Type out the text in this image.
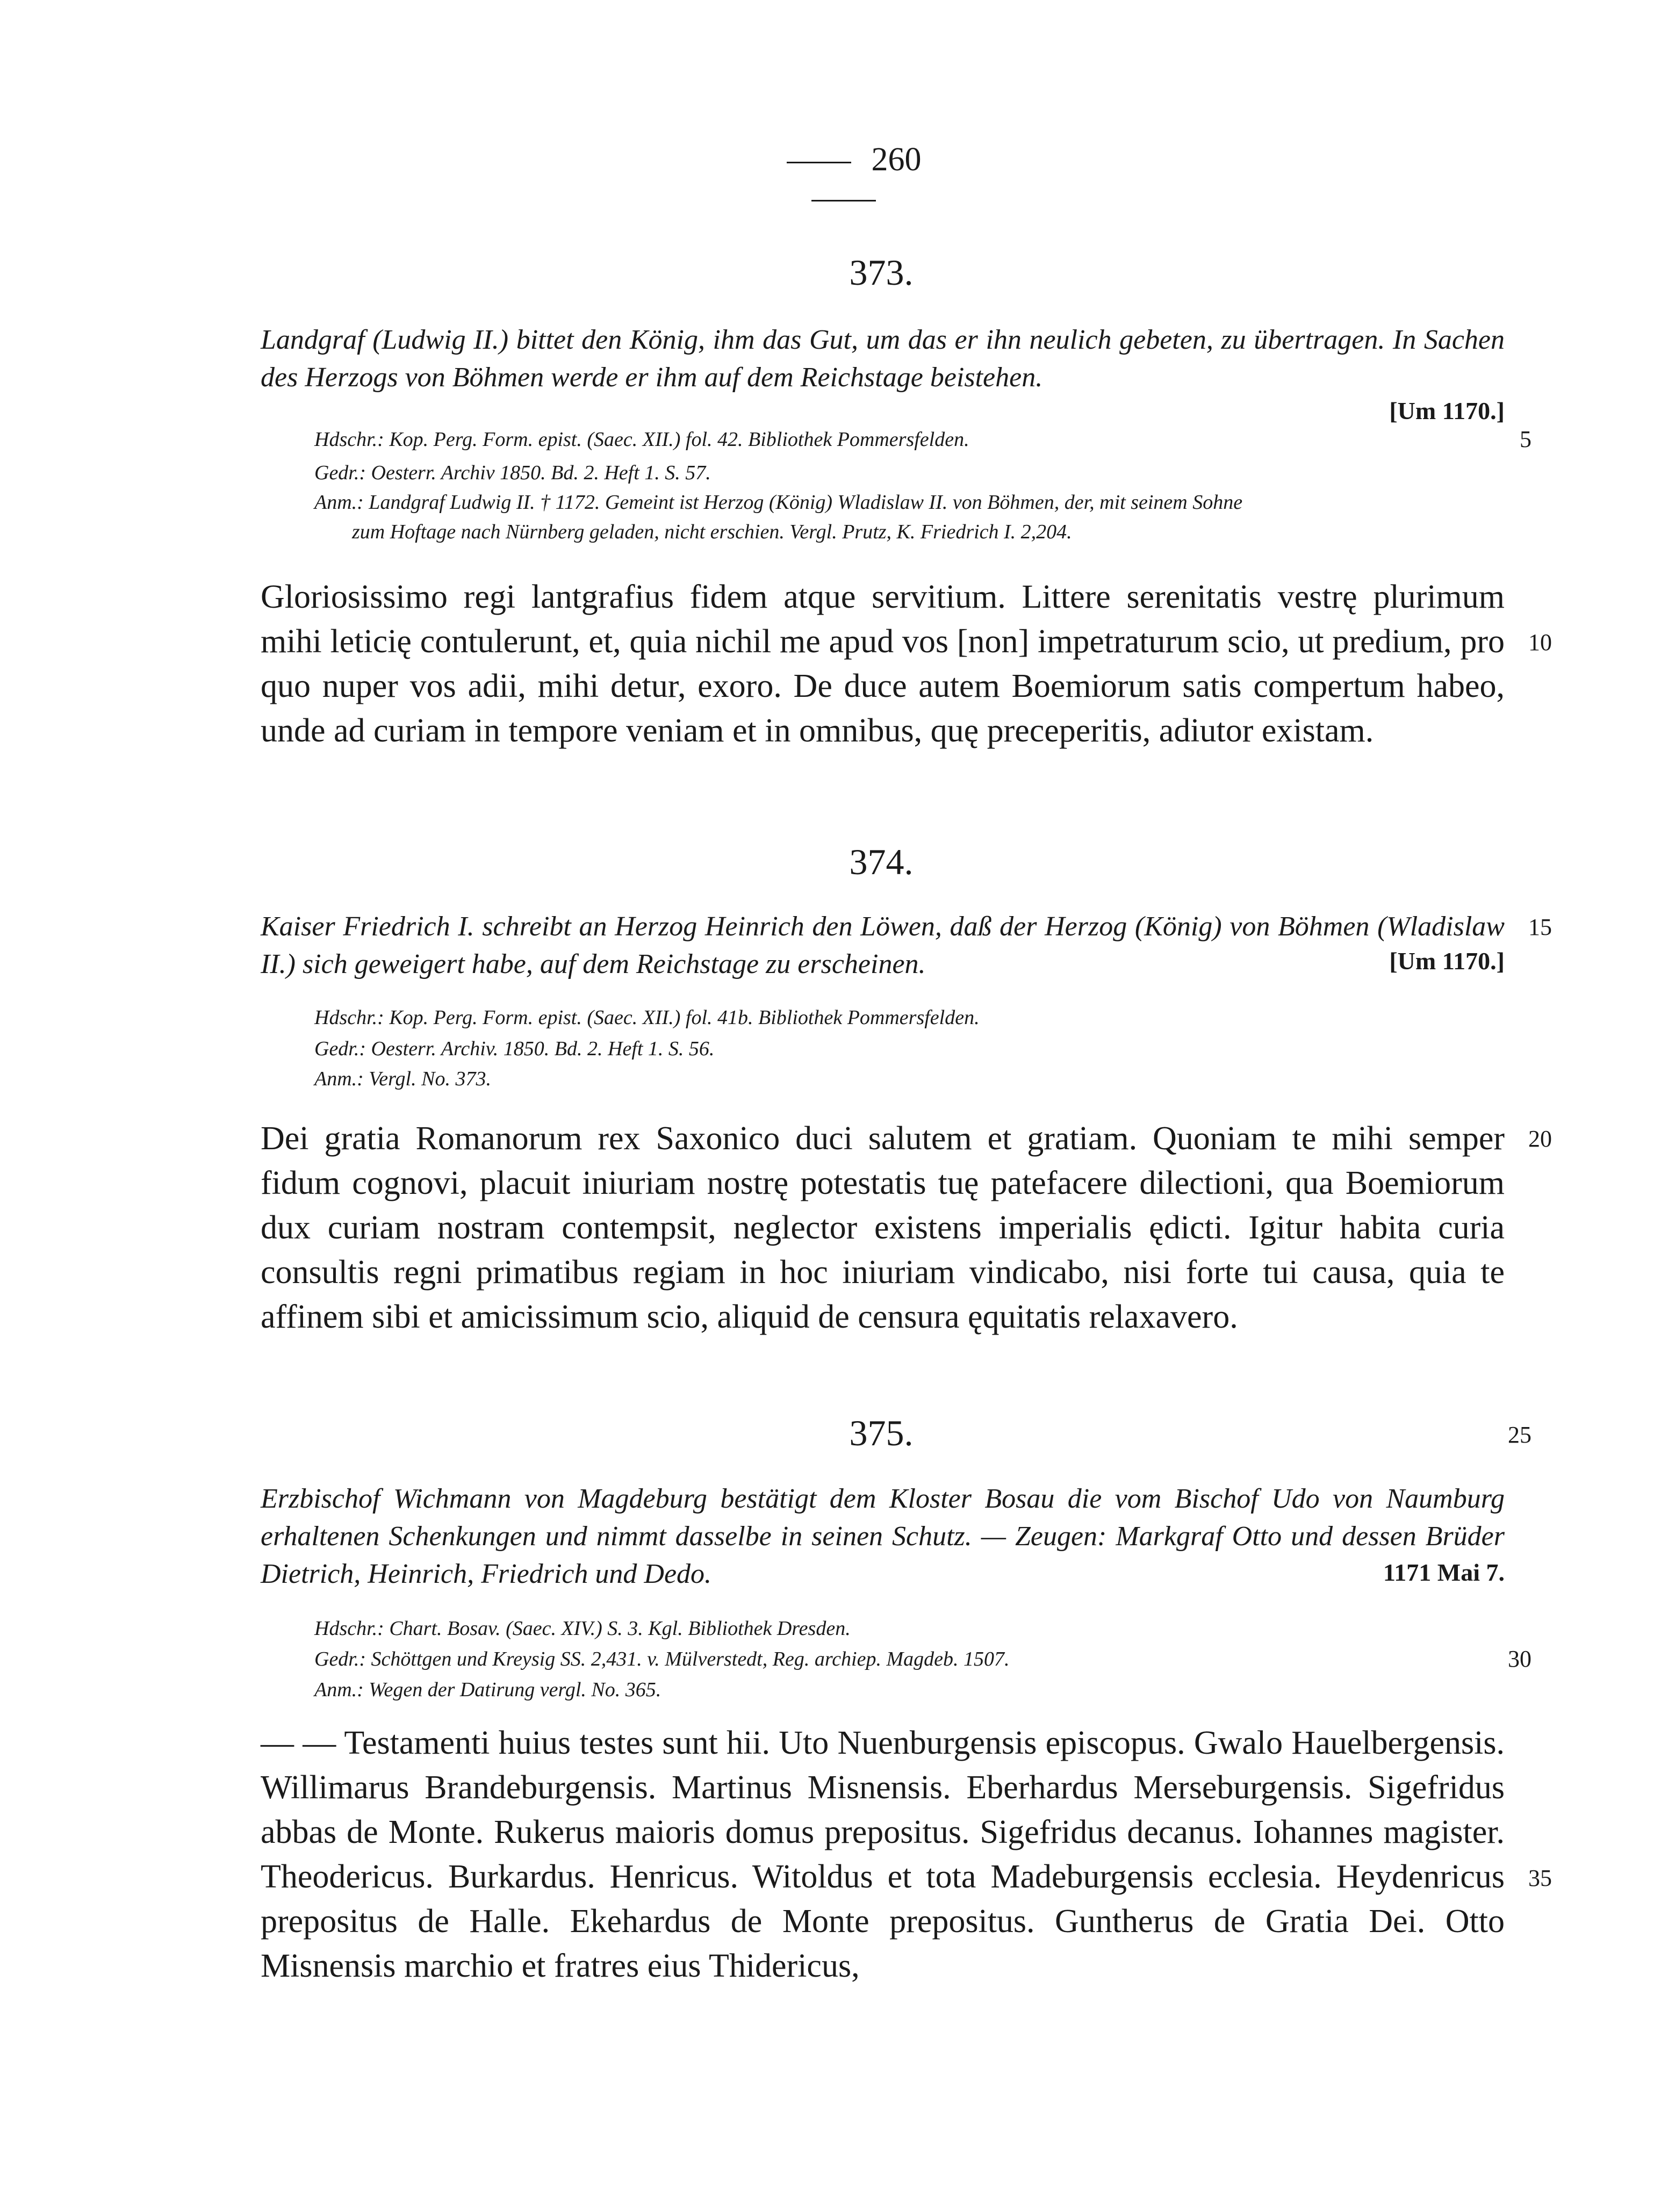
260
373.
Landgraf (Ludwig II.) bittet den König, ihm das Gut, um das er ihn neulich gebeten, zu übertragen. In Sachen des Herzogs von Böhmen werde er ihm auf dem Reichstage beistehen.
[Um 1170.]
Hdschr.: Kop. Perg. Form. epist. (Saec. XII.) fol. 42. Bibliothek Pommersfelden.
Gedr.: Oesterr. Archiv 1850. Bd. 2. Heft 1. S. 57.
Anm.: Landgraf Ludwig II. † 1172. Gemeint ist Herzog (König) Wladislaw II. von Böhmen, der, mit seinem Sohne
zum Hoftage nach Nürnberg geladen, nicht erschien. Vergl. Prutz, K. Friedrich I. 2,204.
Gloriosissimo regi lantgrafius fidem atque servitium. Littere serenitatis vestrę plurimum mihi leticię contulerunt, et, quia nichil me apud vos [non] impetraturum scio, ut predium, pro quo nuper vos adii, mihi detur, exoro. De duce autem Boemiorum satis compertum habeo, unde ad curiam in tempore veniam et in omnibus, quę preceperitis, adiutor existam.
374.
Kaiser Friedrich I. schreibt an Herzog Heinrich den Löwen, daß der Herzog (König) von Böhmen (Wladislaw II.) sich geweigert habe, auf dem Reichstage zu erscheinen.	[Um 1170.]
Hdschr.: Kop. Perg. Form. epist. (Saec. XII.) fol. 41b. Bibliothek Pommersfelden.
Gedr.: Oesterr. Archiv. 1850. Bd. 2. Heft 1. S. 56.
Anm.: Vergl. No. 373.
Dei gratia Romanorum rex Saxonico duci salutem et gratiam. Quoniam te mihi semper fidum cognovi, placuit iniuriam nostrę potestatis tuę patefacere dilectioni, qua Boemiorum dux curiam nostram contempsit, neglector existens imperialis ędicti. Igitur habita curia consultis regni primatibus regiam in hoc iniuriam vindicabo, nisi forte tui causa, quia te affinem sibi et amicissimum scio, aliquid de censura ęquitatis relaxavero.
375.
Erzbischof Wichmann von Magdeburg bestätigt dem Kloster Bosau die vom Bischof Udo von Naumburg erhaltenen Schenkungen und nimmt dasselbe in seinen Schutz. — Zeugen: Markgraf Otto und dessen Brüder Dietrich, Heinrich, Friedrich und Dedo.	1171 Mai 7.
Hdschr.: Chart. Bosav. (Saec. XIV.) S. 3. Kgl. Bibliothek Dresden.
Gedr.: Schöttgen und Kreysig SS. 2,431. v. Mülverstedt, Reg. archiep. Magdeb. 1507.
Anm.: Wegen der Datirung vergl. No. 365.
— — Testamenti huius testes sunt hii. Uto Nuenburgensis episcopus. Gwalo Hauelbergensis. Willimarus Brandeburgensis. Martinus Misnensis. Eberhardus Merseburgensis. Sigefridus abbas de Monte. Rukerus maioris domus prepositus. Sigefridus decanus. Iohannes magister. Theodericus. Burkardus. Henricus. Witoldus et tota Madeburgensis ecclesia. Heydenricus prepositus de Halle. Ekehardus de Monte prepositus. Guntherus de Gratia Dei. Otto Misnensis marchio et fratres eius Thidericus,
5
10
15
20
25
30
35
